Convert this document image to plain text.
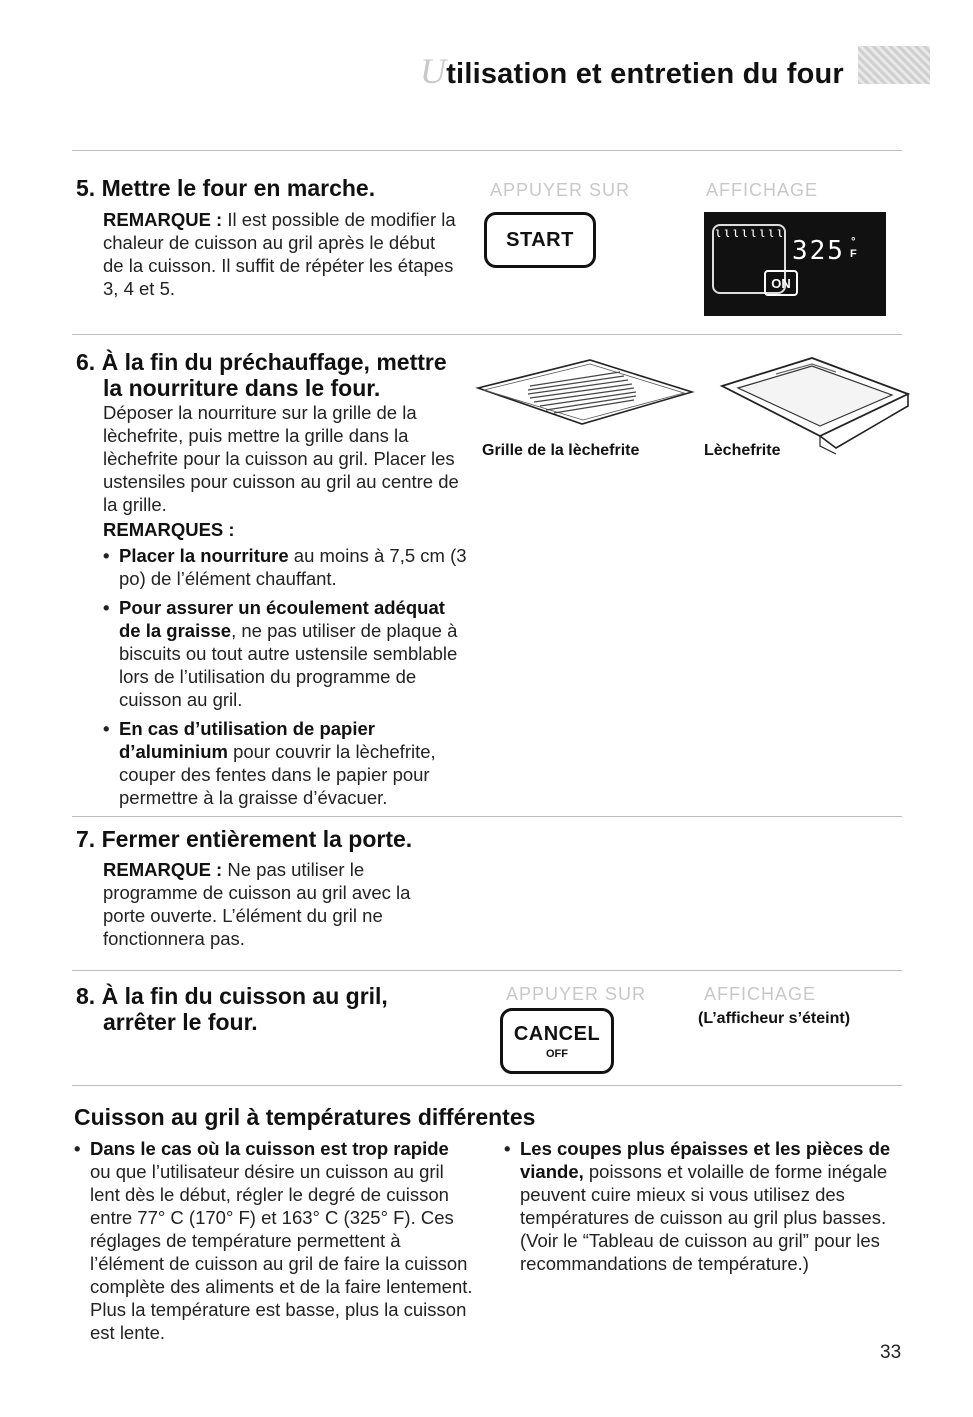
Utilisation et entretien du four
5. Mettre le four en marche.

REMARQUE : Il est possible de modifier la chaleur de cuisson au gril après le début de la cuisson. Il suffit de répéter les étapes 3, 4 et 5.

APPUYER SUR	AFFICHAGE
START	ιιιιιιιι
325 °
F
ON
6. À la fin du préchauffage, mettre
la nourriture dans le four.
Déposer la nourriture sur la grille de la lèchefrite, puis mettre la grille dans la lèchefrite pour la cuisson au gril. Placer les ustensiles pour cuisson au gril au centre de la grille.
REMARQUES :
• Placer la nourriture au moins à 7,5 cm (3 po) de l’élément chauffant.
• Pour assurer un écoulement adéquat de la graisse, ne pas utiliser de plaque à biscuits ou tout autre ustensile semblable lors de l’utilisation du programme de cuisson au gril.
• En cas d’utilisation de papier d’aluminium pour couvrir la lèchefrite, couper des fentes dans le papier pour permettre à la graisse d’évacuer.
Grille de la lèchefrite	Lèchefrite
7. Fermer entièrement la porte.

REMARQUE : Ne pas utiliser le programme de cuisson au gril avec la porte ouverte. L’élément du gril ne fonctionnera pas.

8. À la fin du cuisson au gril,
arrêter le four.
APPUYER SUR	AFFICHAGE
CANCEL
OFF
(L’afficheur s’éteint)
Cuisson au gril à températures différentes
• Dans le cas où la cuisson est trop rapide ou que l’utilisateur désire un cuisson au gril lent dès le début, régler le degré de cuisson entre 77° C (170° F) et 163° C (325° F). Ces réglages de température permettent à l’élément de cuisson au gril de faire la cuisson complète des aliments et de la faire lentement. Plus la température est basse, plus la cuisson est lente.
• Les coupes plus épaisses et les pièces de viande, poissons et volaille de forme inégale peuvent cuire mieux si vous utilisez des températures de cuisson au gril plus basses. (Voir le “Tableau de cuisson au gril” pour les recommandations de température.)
33
